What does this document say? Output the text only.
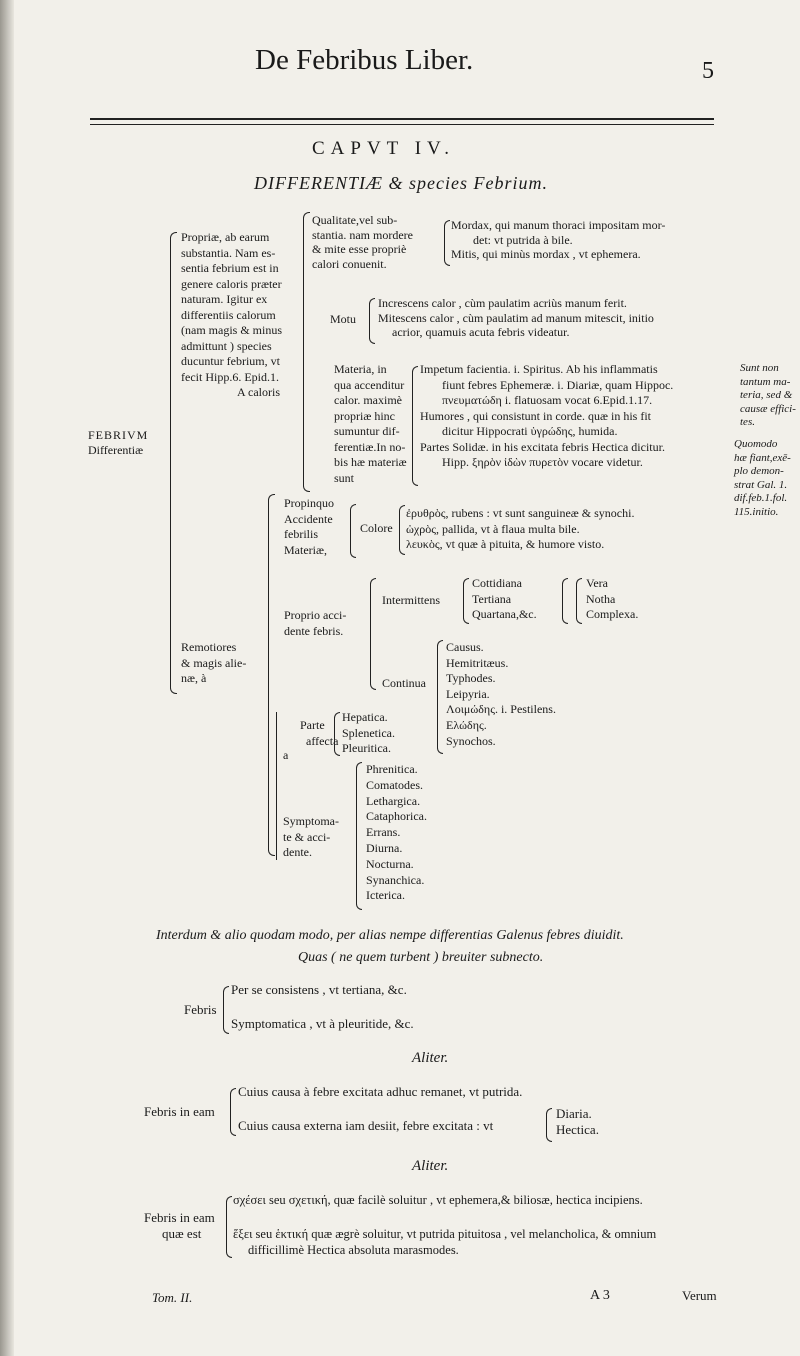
De Febribus Liber.	5
CAPVT IV.
DIFFERENTIÆ & species Febrium.
FEBRIVM
Differentiæ
Propriæ, ab earum
substantia. Nam es-
sentia febrium est in
genere caloris præter
naturam. Igitur ex
differentiis calorum
(nam magis & minus
admittunt ) species
ducuntur febrium, vt
fecit Hipp.6. Epid.1.
A caloris
Qualitate,vel sub-
stantia. nam mordere
& mite esse propriè
calori conuenit.
Mordax, qui manum thoraci impositam mor-
det: vt putrida à bile.
Mitis, qui minùs mordax , vt ephemera.
Motu
Increscens calor , cùm paulatim acriùs manum ferit.
Mitescens calor , cùm paulatim ad manum mitescit, initio
acrior, quamuis acuta febris videatur.
Materia, in
qua accenditur
calor. maximè
propriæ hinc
sumuntur dif-
ferentiæ.In no-
bis hæ materiæ
sunt
Impetum facientia. i. Spiritus. Ab his inflammatis
fiunt febres Ephemeræ. i. Diariæ, quam Hippoc.
πνευματώδη i. flatuosam vocat 6.Epid.1.17.
Humores , qui consistunt in corde. quæ in his fit
dicitur Hippocrati ὑγρώδης, humida.
Partes Solidæ. in his excitata febris Hectica dicitur.
Hipp. ξηρὸν ἰδὼν πυρετὸν vocare videtur.
Sunt non
tantum ma-
teria, sed &
causæ effici-
tes.
Quomodo
hæ fiant,exē-
plo demon-
strat Gal. 1.
dif.feb.1.fol.
115.initio.
Remotiores
& magis alie-
næ, à
Propinquo
Accidente
febrilis
Materiæ,
Colore
ἐρυθρὸς, rubens : vt sunt sanguineæ & synochi.
ὠχρὸς, pallida, vt à flaua multa bile.
λευκὸς, vt quæ à pituita, & humore visto.
Proprio acci-
dente febris.
Intermittens
Cottidiana
Tertiana
Quartana,&c.
Vera
Notha
Complexa.
Continua
Causus.
Hemitritæus.
Typhodes.
Leipyria.
Λοιμώδης. i. Pestilens.
Ελώδης.
Synochos.
a
Parte
affecta
Hepatica.
Splenetica.
Pleuritica.
Symptoma-
te & acci-
dente.
Phrenitica.
Comatodes.
Lethargica.
Cataphorica.
Errans.
Diurna.
Nocturna.
Synanchica.
Icterica.
Interdum & alio quodam modo, per alias nempe differentias Galenus febres diuidit.
Quas ( ne quem turbent ) breuiter subnecto.
Febris
Per se consistens , vt tertiana, &c.
Symptomatica , vt à pleuritide, &c.
Aliter.
Febris in eam
Cuius causa à febre excitata adhuc remanet, vt putrida.
Cuius causa externa iam desiit, febre excitata : vt
Diaria.
Hectica.
Aliter.
Febris in eam
quæ est
σχέσει seu σχετική, quæ facilè soluitur , vt ephemera,& biliosæ, hectica incipiens.
ἕξει seu ἑκτική quæ ægrè soluitur, vt putrida pituitosa , vel melancholica, & omnium
difficillimè Hectica absoluta marasmodes.
Tom. II.	A 3	Verum
